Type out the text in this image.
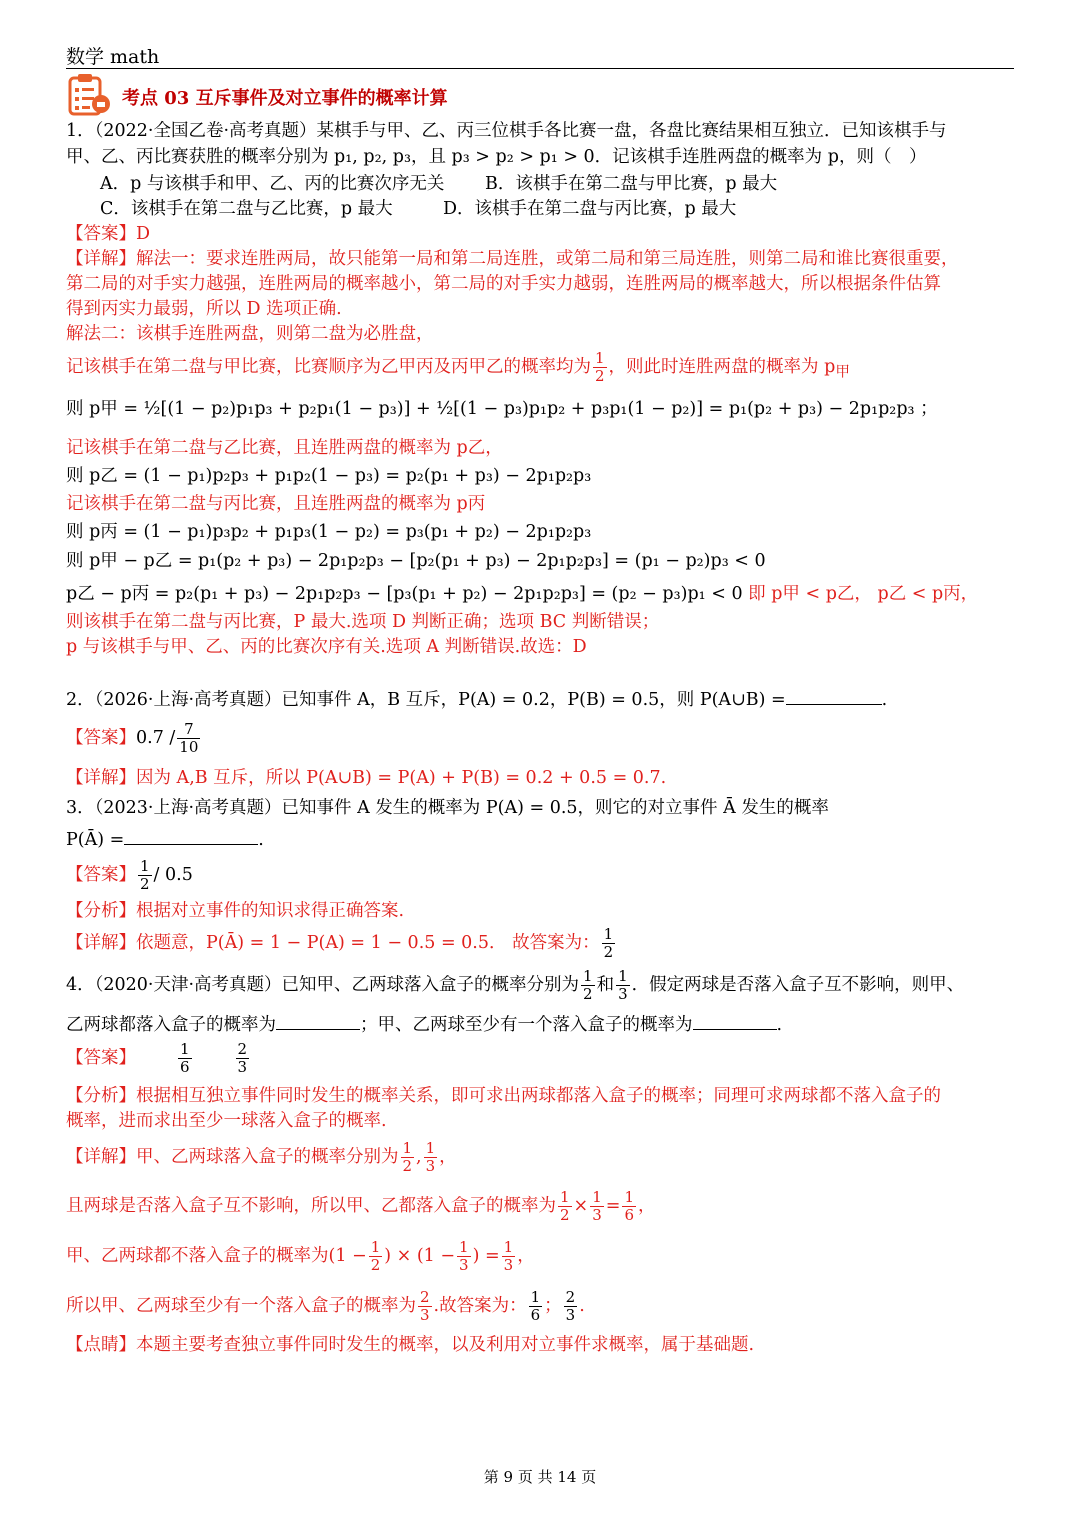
数学 math
考点 03 互斥事件及对立事件的概率计算
1．（2022·全国乙卷·高考真题）某棋手与甲、乙、丙三位棋手各比赛一盘，各盘比赛结果相互独立．已知该棋手与
甲、乙、丙比赛获胜的概率分别为 p₁, p₂, p₃，且 p₃ > p₂ > p₁ > 0．记该棋手连胜两盘的概率为 p，则（　）
A．p 与该棋手和甲、乙、丙的比赛次序无关 B．该棋手在第二盘与甲比赛，p 最大
C．该棋手在第二盘与乙比赛，p 最大	D．该棋手在第二盘与丙比赛，p 最大
【答案】D
【详解】解法一：要求连胜两局，故只能第一局和第二局连胜，或第二局和第三局连胜，则第二局和谁比赛很重要，
第二局的对手实力越强，连胜两局的概率越小，第二局的对手实力越弱，连胜两局的概率越大，所以根据条件估算
得到丙实力最弱，所以 D 选项正确.
解法二：该棋手连胜两盘，则第二盘为必胜盘，
记该棋手在第二盘与甲比赛，比赛顺序为乙甲丙及丙甲乙的概率均为 $\frac{1}{2}$ ，则此时连胜两盘的概率为 $p_甲$
则 p甲 = ½[(1 − p₂)p₁p₃ + p₂p₁(1 − p₃)] + ½[(1 − p₃)p₁p₂ + p₃p₁(1 − p₂)] = p₁(p₂ + p₃) − 2p₁p₂p₃ ；
记该棋手在第二盘与乙比赛，且连胜两盘的概率为 p乙，
则 p乙 = (1 − p₁)p₂p₃ + p₁p₂(1 − p₃) = p₂(p₁ + p₃) − 2p₁p₂p₃
记该棋手在第二盘与丙比赛，且连胜两盘的概率为 p丙
则 p丙 = (1 − p₁)p₃p₂ + p₁p₃(1 − p₂) = p₃(p₁ + p₂) − 2p₁p₂p₃
则 p甲 − p乙 = p₁(p₂ + p₃) − 2p₁p₂p₃ − [p₂(p₁ + p₃) − 2p₁p₂p₃] = (p₁ − p₂)p₃ < 0
p乙 − p丙 = p₂(p₁ + p₃) − 2p₁p₂p₃ − [p₃(p₁ + p₂) − 2p₁p₂p₃] = (p₂ − p₃)p₁ < 0 即 p甲 < p乙， p乙 < p丙，
则该棋手在第二盘与丙比赛，P 最大.选项 D 判断正确；选项 BC 判断错误；
p 与该棋手与甲、乙、丙的比赛次序有关.选项 A 判断错误.故选：D
2．（2026·上海·高考真题）已知事件 A，B 互斥，P(A) = 0.2，P(B) = 0.5，则 P(A∪B) =	.
【答案】$0.7 / \frac{7}{10}$
【详解】因为 A,B 互斥，所以 P(A∪B) = P(A) + P(B) = 0.2 + 0.5 = 0.7.
3．（2023·上海·高考真题）已知事件 A 发生的概率为 P(A) = 0.5，则它的对立事件 Ā 发生的概率
P(Ā) =	.
【答案】 $\frac{1}{2} / 0.5$
【分析】根据对立事件的知识求得正确答案.
【详解】依题意，P(Ā) = 1 − P(A) = 1 − 0.5 = 0.5． 故答案为： $\frac{1}{2}$
4．（2020·天津·高考真题）已知甲、乙两球落入盒子的概率分别为 $\frac{1}{2}$ 和 $\frac{1}{3}$ ．假定两球是否落入盒子互不影响，则甲、
乙两球都落入盒子的概率为	；甲、乙两球至少有一个落入盒子的概率为	.
【答案】	$\frac{1}{6}$	$\frac{2}{3}$
【分析】根据相互独立事件同时发生的概率关系，即可求出两球都落入盒子的概率；同理可求两球都不落入盒子的
概率，进而求出至少一球落入盒子的概率.
【详解】甲、乙两球落入盒子的概率分别为 $\frac{1}{2}$ , $\frac{1}{3}$ ，
且两球是否落入盒子互不影响，所以甲、乙都落入盒子的概率为 $\frac{1}{2} \times \frac{1}{3} = \frac{1}{6}$ ，
甲、乙两球都不落入盒子的概率为($1 - \frac{1}{2}$ ) × ($1 - \frac{1}{3}$ ) = $\frac{1}{3}$ ，
所以甲、乙两球至少有一个落入盒子的概率为 $\frac{2}{3}$ .故答案为： $\frac{1}{6}$ ； $\frac{2}{3}$ .
【点睛】本题主要考查独立事件同时发生的概率，以及利用对立事件求概率，属于基础题.
第 9 页 共 14 页
